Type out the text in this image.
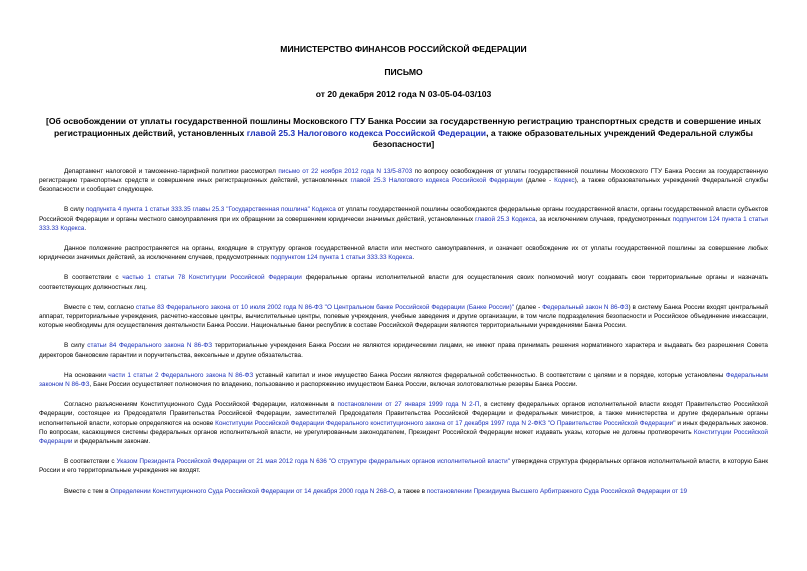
МИНИСТЕРСТВО ФИНАНСОВ РОССИЙСКОЙ ФЕДЕРАЦИИ

ПИСЬМО

от 20 декабря 2012 года N 03-05-04-03/103

[Об освобождении от уплаты государственной пошлины Московского ГТУ Банка России за государственную регистрацию транспортных средств и совершение иных регистрационных действий, установленных главой 25.3 Налогового кодекса Российской Федерации, а также образовательных учреждений Федеральной службы безопасности]

Департамент налоговой и таможенно-тарифной политики рассмотрел письмо от 22 ноября 2012 года N 13/5-8703 по вопросу освобождения от уплаты государственной пошлины Московского ГТУ Банка России за государственную регистрацию транспортных средств и совершение иных регистрационных действий, установленных главой 25.3 Налогового кодекса Российской Федерации (далее - Кодекс), а также образовательных учреждений Федеральной службы безопасности и сообщает следующее.

В силу подпункта 4 пункта 1 статьи 333.35 главы 25.3 "Государственная пошлина" Кодекса от уплаты государственной пошлины освобождаются федеральные органы государственной власти, органы государственной власти субъектов Российской Федерации и органы местного самоуправления при их обращении за совершением юридически значимых действий, установленных главой 25.3 Кодекса, за исключением случаев, предусмотренных подпунктом 124 пункта 1 статьи 333.33 Кодекса.

Данное положение распространяется на органы, входящие в структуру органов государственной власти или местного самоуправления, и означает освобождение их от уплаты государственной пошлины за совершение любых юридически значимых действий, за исключением случаев, предусмотренных подпунктом 124 пункта 1 статьи 333.33 Кодекса.

В соответствии с частью 1 статьи 78 Конституции Российской Федерации федеральные органы исполнительной власти для осуществления своих полномочий могут создавать свои территориальные органы и назначать соответствующих должностных лиц.

Вместе с тем, согласно статье 83 Федерального закона от 10 июля 2002 года N 86-ФЗ "О Центральном банке Российской Федерации (Банке России)" (далее - Федеральный закон N 86-ФЗ) в систему Банка России входят центральный аппарат, территориальные учреждения, расчетно-кассовые центры, вычислительные центры, полевые учреждения, учебные заведения и другие организации, в том числе подразделения безопасности и Российское объединение инкассации, которые необходимы для осуществления деятельности Банка России. Национальные банки республик в составе Российской Федерации являются территориальными учреждениями Банка России.

В силу статьи 84 Федерального закона N 86-ФЗ территориальные учреждения Банка России не являются юридическими лицами, не имеют права принимать решения нормативного характера и выдавать без разрешения Совета директоров банковские гарантии и поручительства, вексельные и другие обязательства.

На основании части 1 статьи 2 Федерального закона N 86-ФЗ уставный капитал и иное имущество Банка России являются федеральной собственностью. В соответствии с целями и в порядке, которые установлены Федеральным законом N 86-ФЗ, Банк России осуществляет полномочия по владению, пользованию и распоряжению имуществом Банка России, включая золотовалютные резервы Банка России.

Согласно разъяснениям Конституционного Суда Российской Федерации, изложенным в постановлении от 27 января 1999 года N 2-П, в систему федеральных органов исполнительной власти входят Правительство Российской Федерации, состоящее из Председателя Правительства Российской Федерации, заместителей Председателя Правительства Российской Федерации и федеральных министров, а также министерства и другие федеральные органы исполнительной власти, которые определяются на основе Конституции Российской Федерации Федерального конституционного закона от 17 декабря 1997 года N 2-ФКЗ "О Правительстве Российской Федерации" и иных федеральных законов. По вопросам, касающимся системы федеральных органов исполнительной власти, не урегулированным законодателем, Президент Российской Федерации может издавать указы, которые не должны противоречить Конституции Российской Федерации и федеральным законам.

В соответствии с Указом Президента Российской Федерации от 21 мая 2012 года N 636 "О структуре федеральных органов исполнительной власти" утверждена структура федеральных органов исполнительной власти, в которую Банк России и его территориальные учреждения не входят.

Вместе с тем в Определении Конституционного Суда Российской Федерации от 14 декабря 2000 года N 268-О, а также в постановлении Президиума Высшего Арбитражного Суда Российской Федерации от 19
